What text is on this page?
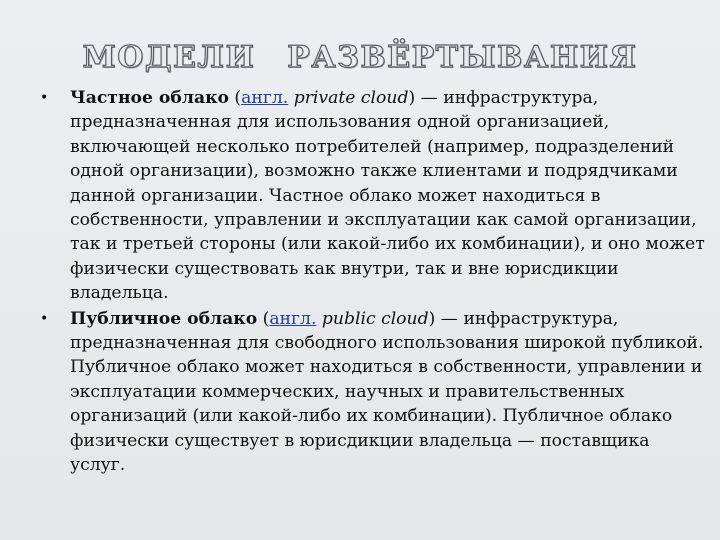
МОДЕЛИ РАЗВЁРТЫВАНИЯ
•	Частное облако (англ. private cloud) — инфраструктура, предназначенная для использования одной организацией, включающей несколько потребителей (например, подразделений одной организации), возможно также клиентами и подрядчиками данной организации. Частное облако может находиться в собственности, управлении и эксплуатации как самой организации, так и третьей стороны (или какой-либо их комбинации), и оно может физически существовать как внутри, так и вне юрисдикции владельца.
•	Публичное облако (англ. public cloud) — инфраструктура, предназначенная для свободного использования широкой публикой. Публичное облако может находиться в собственности, управлении и эксплуатации коммерческих, научных и правительственных организаций (или какой-либо их комбинации). Публичное облако физически существует в юрисдикции владельца — поставщика услуг.
